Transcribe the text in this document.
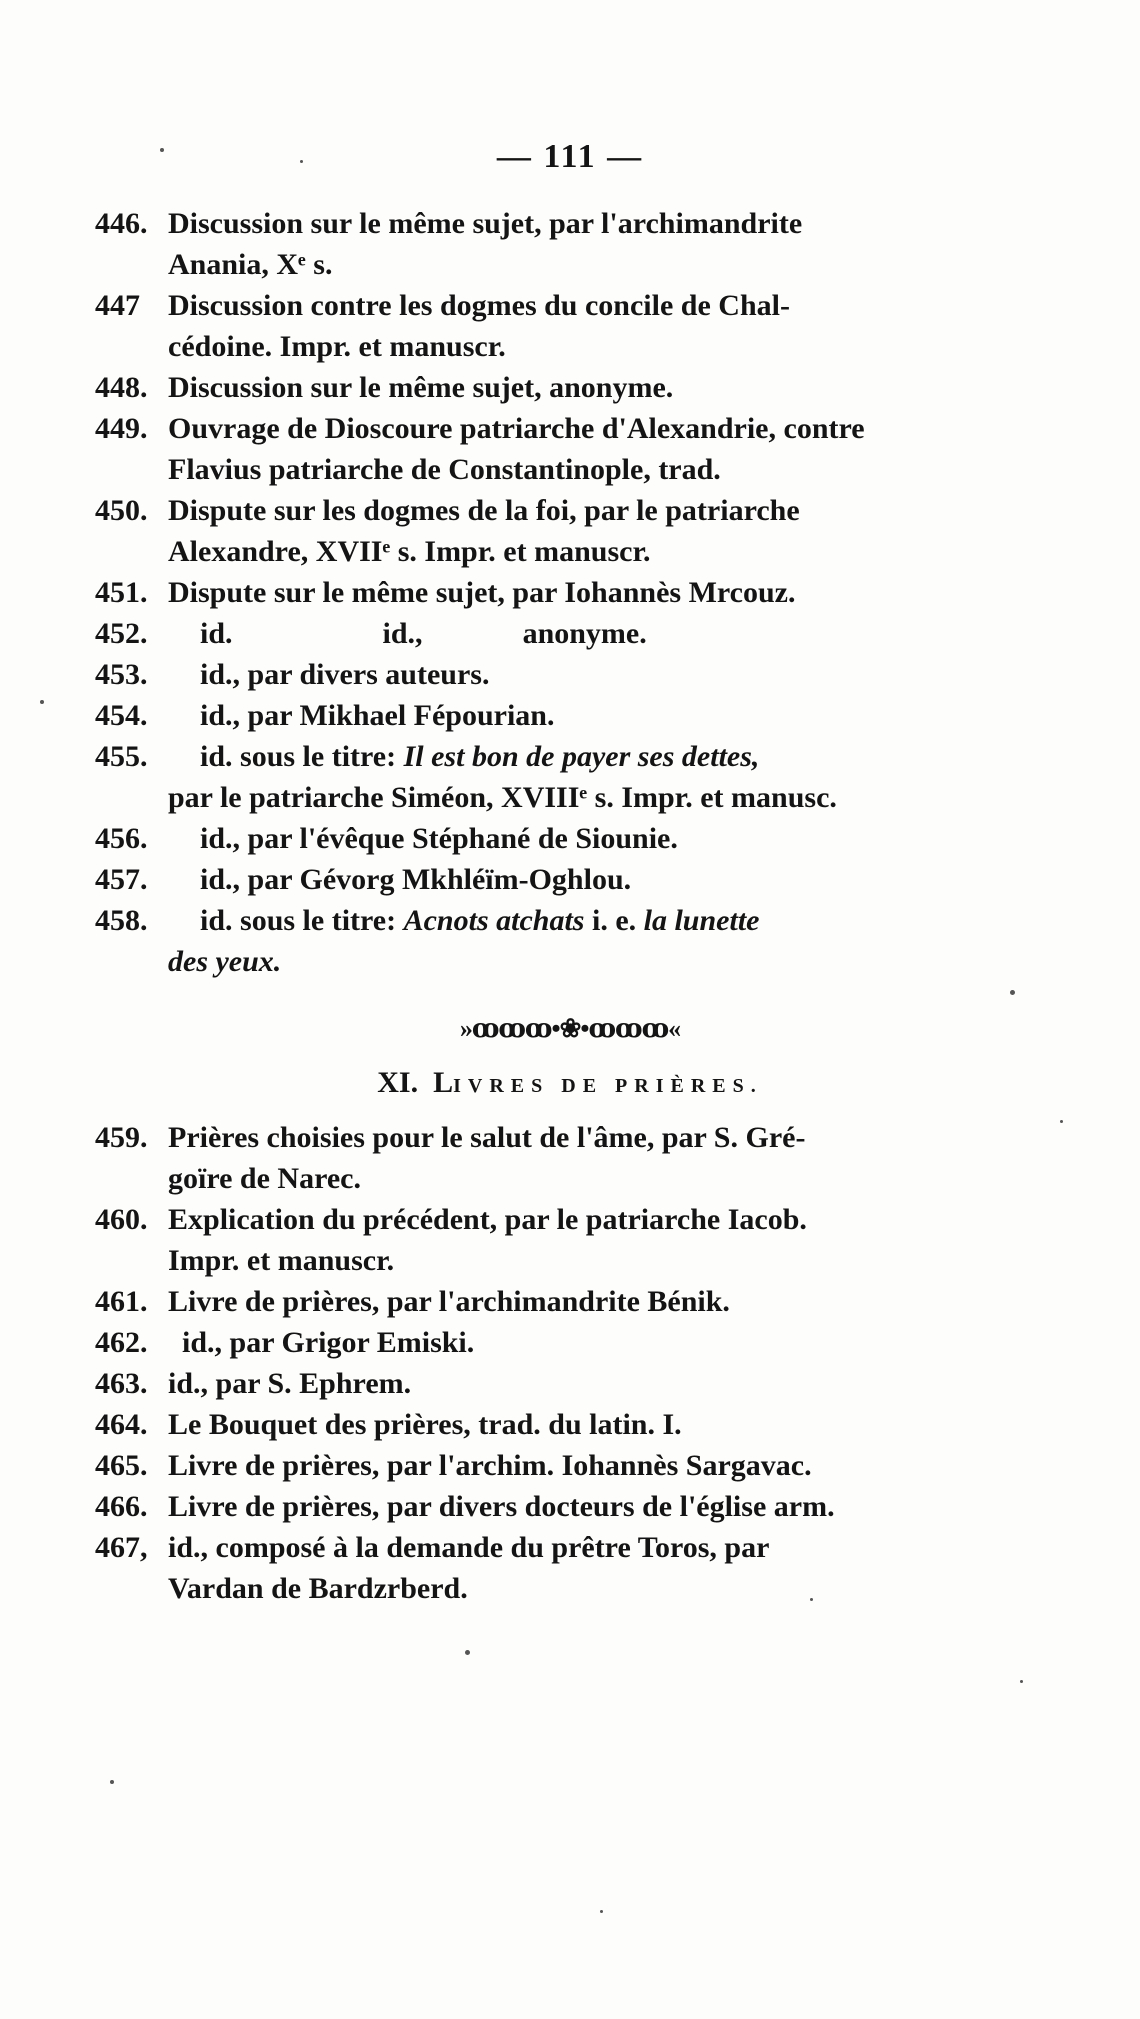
— 111 —
446. Discussion sur le même sujet, par l'archimandrite
Anania, Xᵉ s.
447 Discussion contre les dogmes du concile de Chal-
cédoine. Impr. et manuscr.
448. Discussion sur le même sujet, anonyme.
449. Ouvrage de Dioscoure patriarche d'Alexandrie, contre
Flavius patriarche de Constantinople, trad.
450. Dispute sur les dogmes de la foi, par le patriarche
Alexandre, XVIIᵉ s. Impr. et manuscr.
451. Dispute sur le même sujet, par Iohannès Mrcouz.
452.	id.	id.,	anonyme.
453.	id., par divers auteurs.
454.	id., par Mikhael Fépourian.
455.	id. sous le titre: Il est bon de payer ses dettes,
par le patriarche Siméon, XVIIIᵉ s. Impr. et manusc.
456.	id., par l'évêque Stéphané de Siounie.
457.	id., par Gévorg Mkhléïm-Oghlou.
458.	id. sous le titre: Acnots atchats i. e. la lunette
des yeux.
»ꝏꝏꝏ•❀•ꝏꝏꝏ«
XI. LIVRES DE PRIÈRES.
459. Prières choisies pour le salut de l'âme, par S. Gré-
goïre de Narec.
460. Explication du précédent, par le patriarche Iacob.
Impr. et manuscr.
461. Livre de prières, par l'archimandrite Bénik.
462.	id., par Grigor Emiski.
463. id., par S. Ephrem.
464. Le Bouquet des prières, trad. du latin. I.
465. Livre de prières, par l'archim. Iohannès Sargavac.
466. Livre de prières, par divers docteurs de l'église arm.
467, id., composé à la demande du prêtre Toros, par
Vardan de Bardzrberd.
